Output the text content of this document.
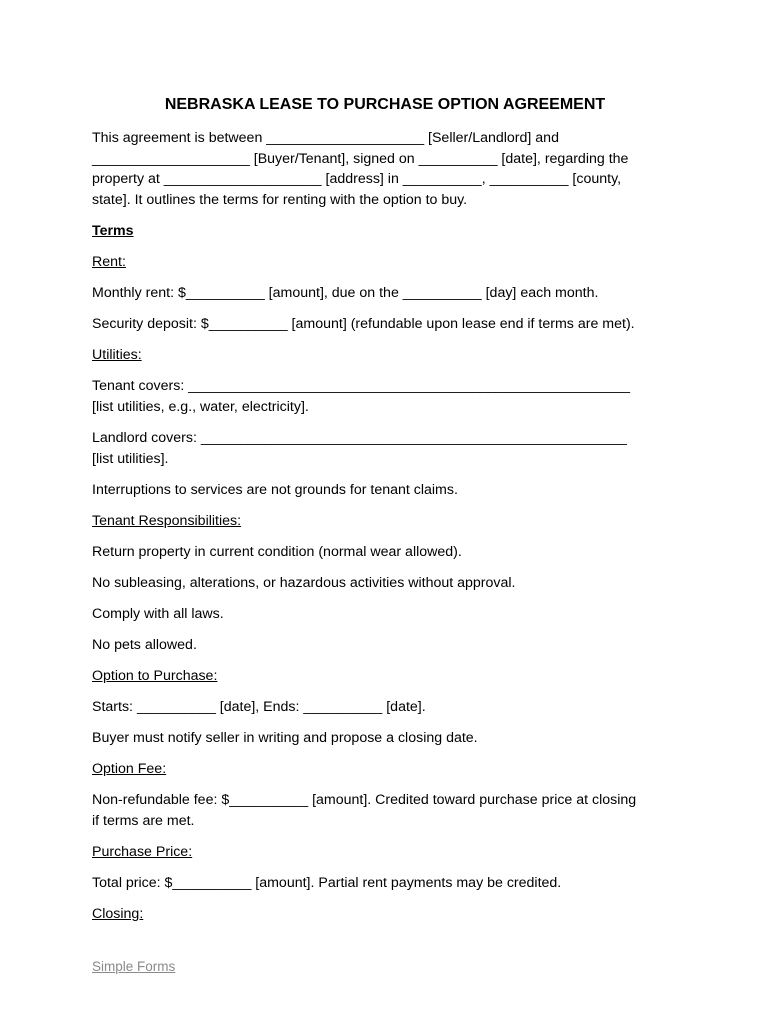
NEBRASKA LEASE TO PURCHASE OPTION AGREEMENT
This agreement is between ____________________ [Seller/Landlord] and
____________________ [Buyer/Tenant], signed on __________ [date], regarding the
property at ____________________ [address] in __________, __________ [county,
state]. It outlines the terms for renting with the option to buy.
Terms
Rent:
Monthly rent: $__________ [amount], due on the __________ [day] each month.
Security deposit: $__________ [amount] (refundable upon lease end if terms are met).
Utilities:
Tenant covers: ________________________________________________________
[list utilities, e.g., water, electricity].
Landlord covers: ______________________________________________________
[list utilities].
Interruptions to services are not grounds for tenant claims.
Tenant Responsibilities:
Return property in current condition (normal wear allowed).
No subleasing, alterations, or hazardous activities without approval.
Comply with all laws.
No pets allowed.
Option to Purchase:
Starts: __________ [date], Ends: __________ [date].
Buyer must notify seller in writing and propose a closing date.
Option Fee:
Non-refundable fee: $__________ [amount]. Credited toward purchase price at closing
if terms are met.
Purchase Price:
Total price: $__________ [amount]. Partial rent payments may be credited.
Closing:
Simple Forms
